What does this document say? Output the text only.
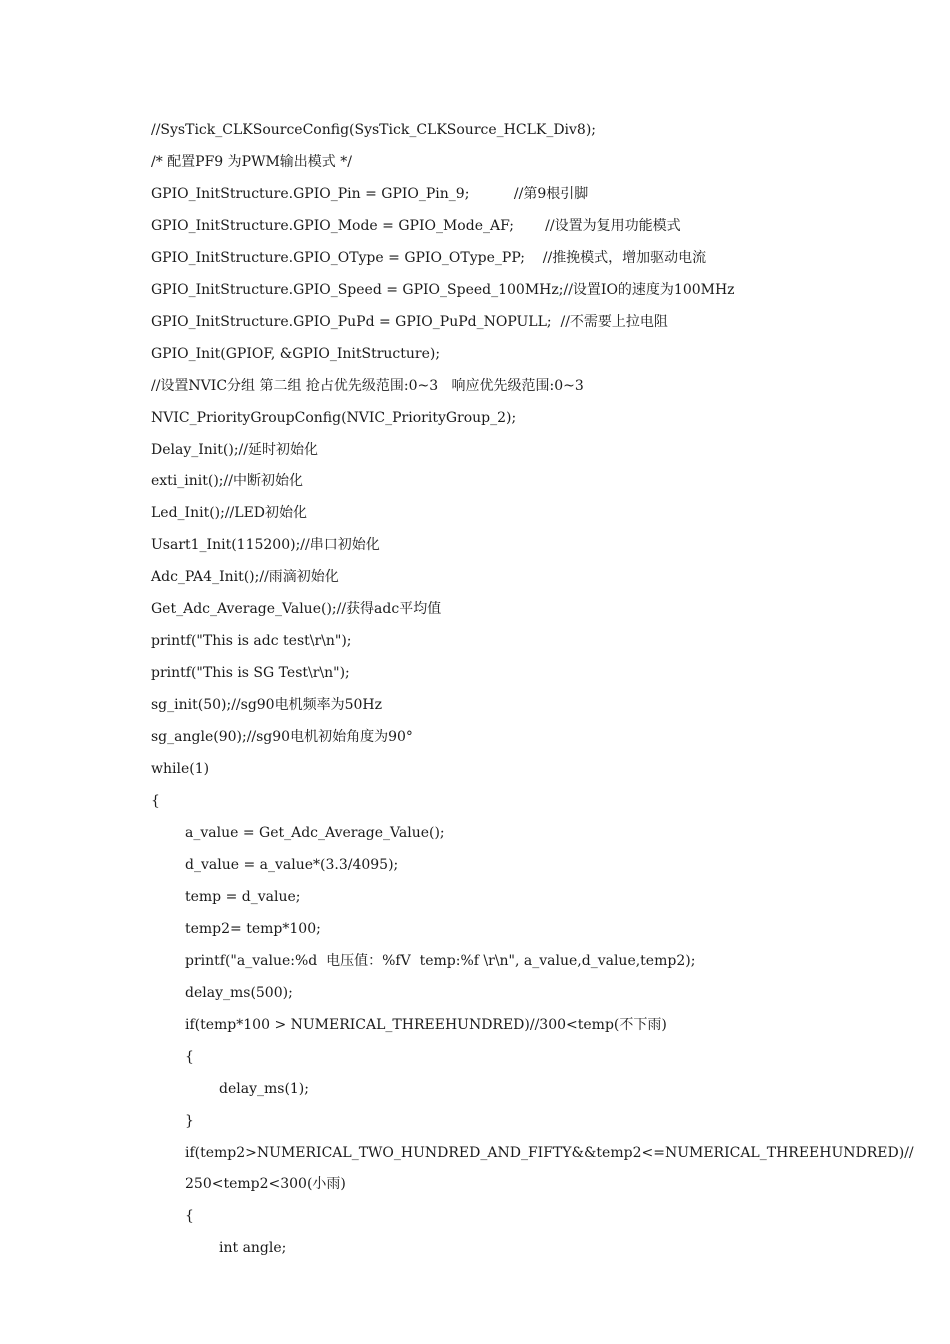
//SysTick_CLKSourceConfig(SysTick_CLKSource_HCLK_Div8);
/* 配置PF9 为PWM输出模式 */
GPIO_InitStructure.GPIO_Pin = GPIO_Pin_9;          //第9根引脚
GPIO_InitStructure.GPIO_Mode = GPIO_Mode_AF;       //设置为复用功能模式
GPIO_InitStructure.GPIO_OType = GPIO_OType_PP;    //推挽模式，增加驱动电流
GPIO_InitStructure.GPIO_Speed = GPIO_Speed_100MHz;//设置IO的速度为100MHz
GPIO_InitStructure.GPIO_PuPd = GPIO_PuPd_NOPULL;  //不需要上拉电阻
GPIO_Init(GPIOF, &GPIO_InitStructure);
//设置NVIC分组 第二组 抢占优先级范围:0~3   响应优先级范围:0~3
NVIC_PriorityGroupConfig(NVIC_PriorityGroup_2);
Delay_Init();//延时初始化
exti_init();//中断初始化
Led_Init();//LED初始化
Usart1_Init(115200);//串口初始化
Adc_PA4_Init();//雨滴初始化
Get_Adc_Average_Value();//获得adc平均值
printf("This is adc test\r\n");
printf("This is SG Test\r\n");
sg_init(50);//sg90电机频率为50Hz
sg_angle(90);//sg90电机初始角度为90°
while(1)
{
a_value = Get_Adc_Average_Value();
d_value = a_value*(3.3/4095);
temp = d_value;
temp2= temp*100;
printf("a_value:%d  电压值：%fV  temp:%f \r\n", a_value,d_value,temp2);
delay_ms(500);
if(temp*100 > NUMERICAL_THREEHUNDRED)//300<temp(不下雨)
{
delay_ms(1);
}
if(temp2>NUMERICAL_TWO_HUNDRED_AND_FIFTY&&temp2<=NUMERICAL_THREEHUNDRED)//
250<temp2<300(小雨)
{
int angle;
